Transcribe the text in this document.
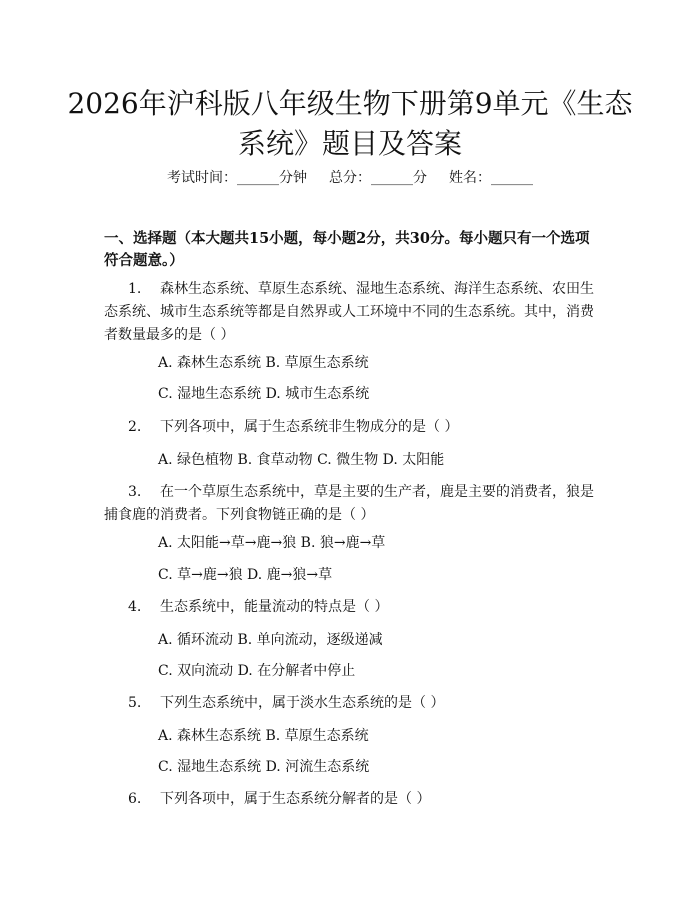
2026年沪科版八年级生物下册第9单元《生态系统》题目及答案
考试时间：______分钟 总分：______分 姓名：______

一、选择题（本大题共15小题，每小题2分，共30分。每小题只有一个选项符合题意。）

1. 森林生态系统、草原生态系统、湿地生态系统、海洋生态系统、农田生态系统、城市生态系统等都是自然界或人工环境中不同的生态系统。其中，消费者数量最多的是（ ）

A. 森林生态系统 B. 草原生态系统

C. 湿地生态系统 D. 城市生态系统

2. 下列各项中，属于生态系统非生物成分的是（ ）

A. 绿色植物 B. 食草动物 C. 微生物 D. 太阳能

3. 在一个草原生态系统中，草是主要的生产者，鹿是主要的消费者，狼是捕食鹿的消费者。下列食物链正确的是（ ）

A. 太阳能→草→鹿→狼 B. 狼→鹿→草

C. 草→鹿→狼 D. 鹿→狼→草

4. 生态系统中，能量流动的特点是（ ）

A. 循环流动 B. 单向流动，逐级递减

C. 双向流动 D. 在分解者中停止

5. 下列生态系统中，属于淡水生态系统的是（ ）

A. 森林生态系统 B. 草原生态系统

C. 湿地生态系统 D. 河流生态系统

6. 下列各项中，属于生态系统分解者的是（ ）
